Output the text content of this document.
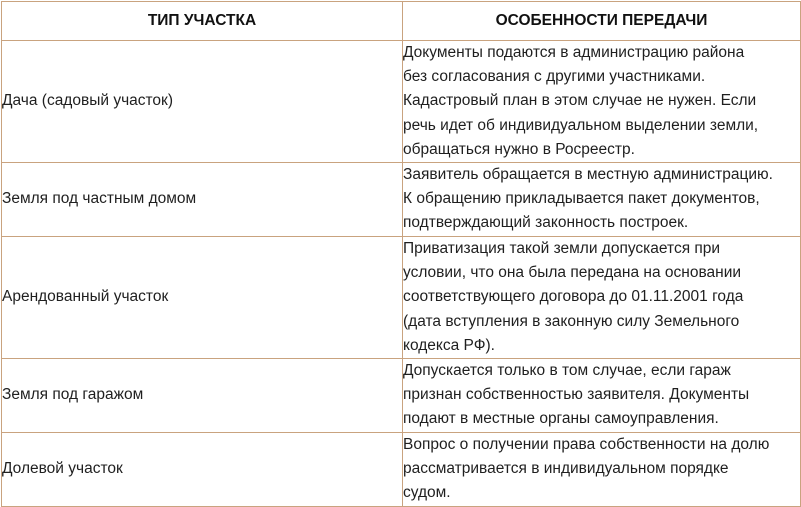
ТИП УЧАСТКА	ОСОБЕННОСТИ ПЕРЕДАЧИ
Дача (садовый участок)	Документы подаются в администрацию района
без согласования с другими участниками.
Кадастровый план в этом случае не нужен. Если
речь идет об индивидуальном выделении земли,
обращаться нужно в Росреестр.

Земля под частным домом	Заявитель обращается в местную администрацию.
К обращению прикладывается пакет документов,
подтверждающий законность построек.

Арендованный участок	Приватизация такой земли допускается при
условии, что она была передана на основании
соответствующего договора до 01.11.2001 года
(дата вступления в законную силу Земельного
кодекса РФ).

Земля под гаражом	Допускается только в том случае, если гараж
признан собственностью заявителя. Документы
подают в местные органы самоуправления.

Долевой участок	Вопрос о получении права собственности на долю
рассматривается в индивидуальном порядке
судом.
